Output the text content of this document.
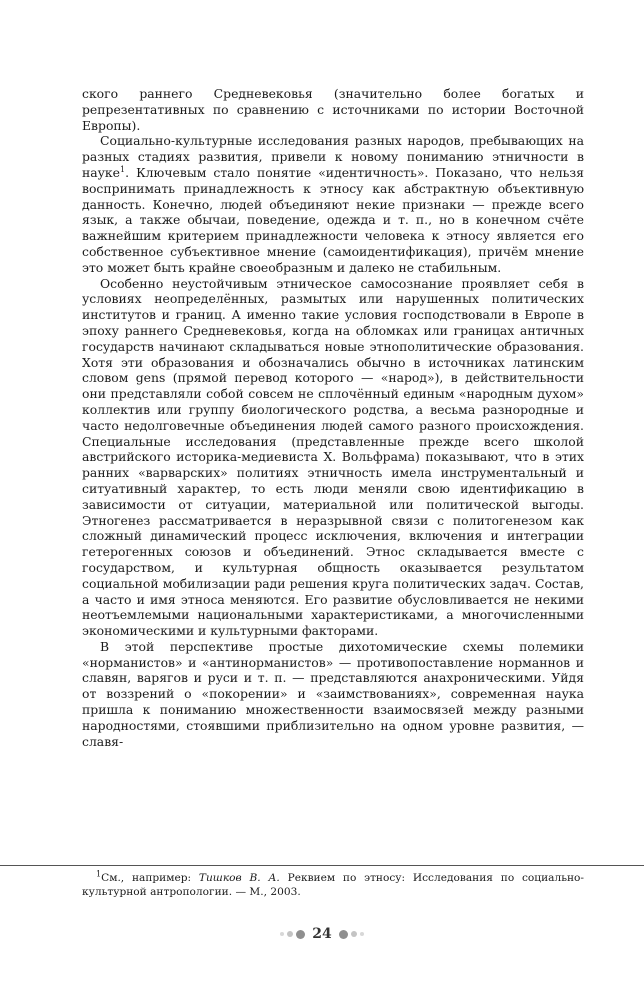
ского раннего Средневековья (значительно более богатых и репрезентативных по сравнению с источниками по истории Восточной Европы).

Социально-культурные исследования разных народов, пребывающих на разных стадиях развития, привели к новому пониманию этничности в науке$^1$. Ключевым стало понятие «идентичность». Показано, что нельзя воспринимать принадлежность к этносу как абстрактную объективную данность. Конечно, людей объединяют некие признаки — прежде всего язык, а также обычаи, поведение, одежда и т. п., но в конечном счёте важнейшим критерием принадлежности человека к этносу является его собственное субъективное мнение (самоидентификация), причём мнение это может быть крайне своеобразным и далеко не стабильным.

Особенно неустойчивым этническое самосознание проявляет себя в условиях неопределённых, размытых или нарушенных политических институтов и границ. А именно такие условия господствовали в Европе в эпоху раннего Средневековья, когда на обломках или границах античных государств начинают складываться новые этнополитические образования. Хотя эти образования и обозначались обычно в источниках латинским словом gens (прямой перевод которого — «народ»), в действительности они представляли собой совсем не сплочённый единым «народным духом» коллектив или группу биологического родства, а весьма разнородные и часто недолговечные объединения людей самого разного происхождения. Специальные исследования (представленные прежде всего школой австрийского историка-медиевиста Х. Вольфрама) показывают, что в этих ранних «варварских» политиях этничность имела инструментальный и ситуативный характер, то есть люди меняли свою идентификацию в зависимости от ситуации, материальной или политической выгоды. Этногенез рассматривается в неразрывной связи с политогенезом как сложный динамический процесс исключения, включения и интеграции гетерогенных союзов и объединений. Этнос складывается вместе с государством, и культурная общность оказывается результатом социальной мобилизации ради решения круга политических задач. Состав, а часто и имя этноса меняются. Его развитие обусловливается не некими неотъемлемыми национальными характеристиками, а многочисленными экономическими и культурными факторами.

В этой перспективе простые дихотомические схемы полемики «норманистов» и «антинорманистов» — противопоставление норманнов и славян, варягов и руси и т. п. — представляются анахроническими. Уйдя от воззрений о «покорении» и «заимствованиях», современная наука пришла к пониманию множественности взаимосвязей между разными народностями, стоявшими приблизительно на одном уровне развития, — славя-

$^1$См., например: Тишков В. А. Реквием по этносу: Исследования по социально-культурной антропологии. — М., 2003.

24
